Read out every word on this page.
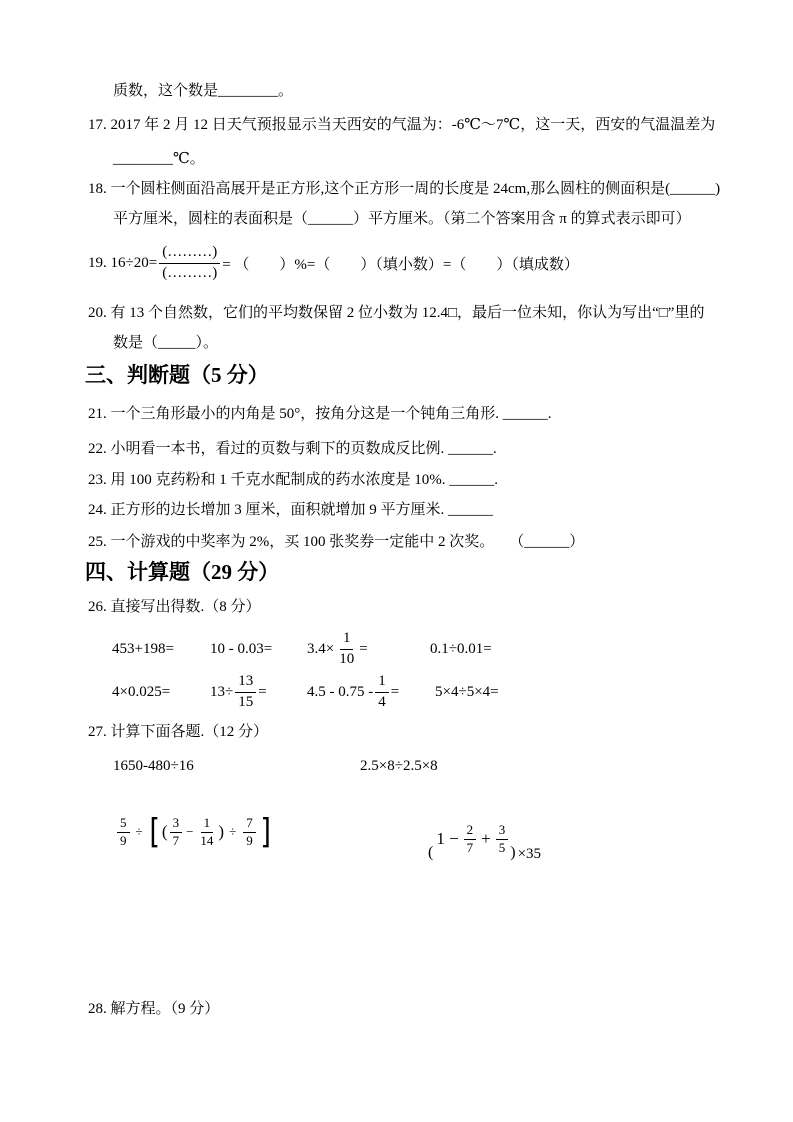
质数，这个数是________。
17. 2017 年 2 月 12 日天气预报显示当天西安的气温为：-6℃～7℃，这一天，西安的气温温差为
________℃。
18. 一个圆柱侧面沿高展开是正方形,这个正方形一周的长度是 24cm,那么圆柱的侧面积是(______)
平方厘米，圆柱的表面积是（______）平方厘米。（第二个答案用含 π 的算式表示即可）
19. $16\div 20= \frac{(\dots\dots\dots)}{(\dots\dots\dots)}$ = （　　）%=（　　）（填小数）=（　　）（填成数）
20. 有 13 个自然数，它们的平均数保留 2 位小数为 12.4□，最后一位未知，你认为写出“□”里的
数是（_____）。
三、判断题（5 分）
21. 一个三角形最小的内角是 50°，按角分这是一个钝角三角形. ______.
22. 小明看一本书，看过的页数与剩下的页数成反比例. ______.
23. 用 100 克药粉和 1 千克水配制成的药水浓度是 10%. ______.
24. 正方形的边长增加 3 厘米，面积就增加 9 平方厘米. ______
25. 一个游戏的中奖率为 2%，买 100 张奖券一定能中 2 次奖。　　（______）
四、计算题（29 分）
26. 直接写出得数.（8 分）
$453+198= 10 - 0.03= 3.4\times \frac{1}{10}$ =	0.1÷0.01=
4×0.025=	$13\div \frac{13}{15}$ =	$4.5 - 0.75 - \frac{1}{4} = 5\times 4\div 5\times 4=$
27. 计算下面各题.（12 分）
1650-480÷16	2.5×8÷2.5×8
$\frac{5}{9}$ ÷ [ ( $\frac{3}{7} - \frac{1}{14}$ ) ÷ $\frac{7}{9}$ ]
(
$1 - \frac{2}{7} + \frac{3}{5}$ ) ×35
28. 解方程。（9 分）
